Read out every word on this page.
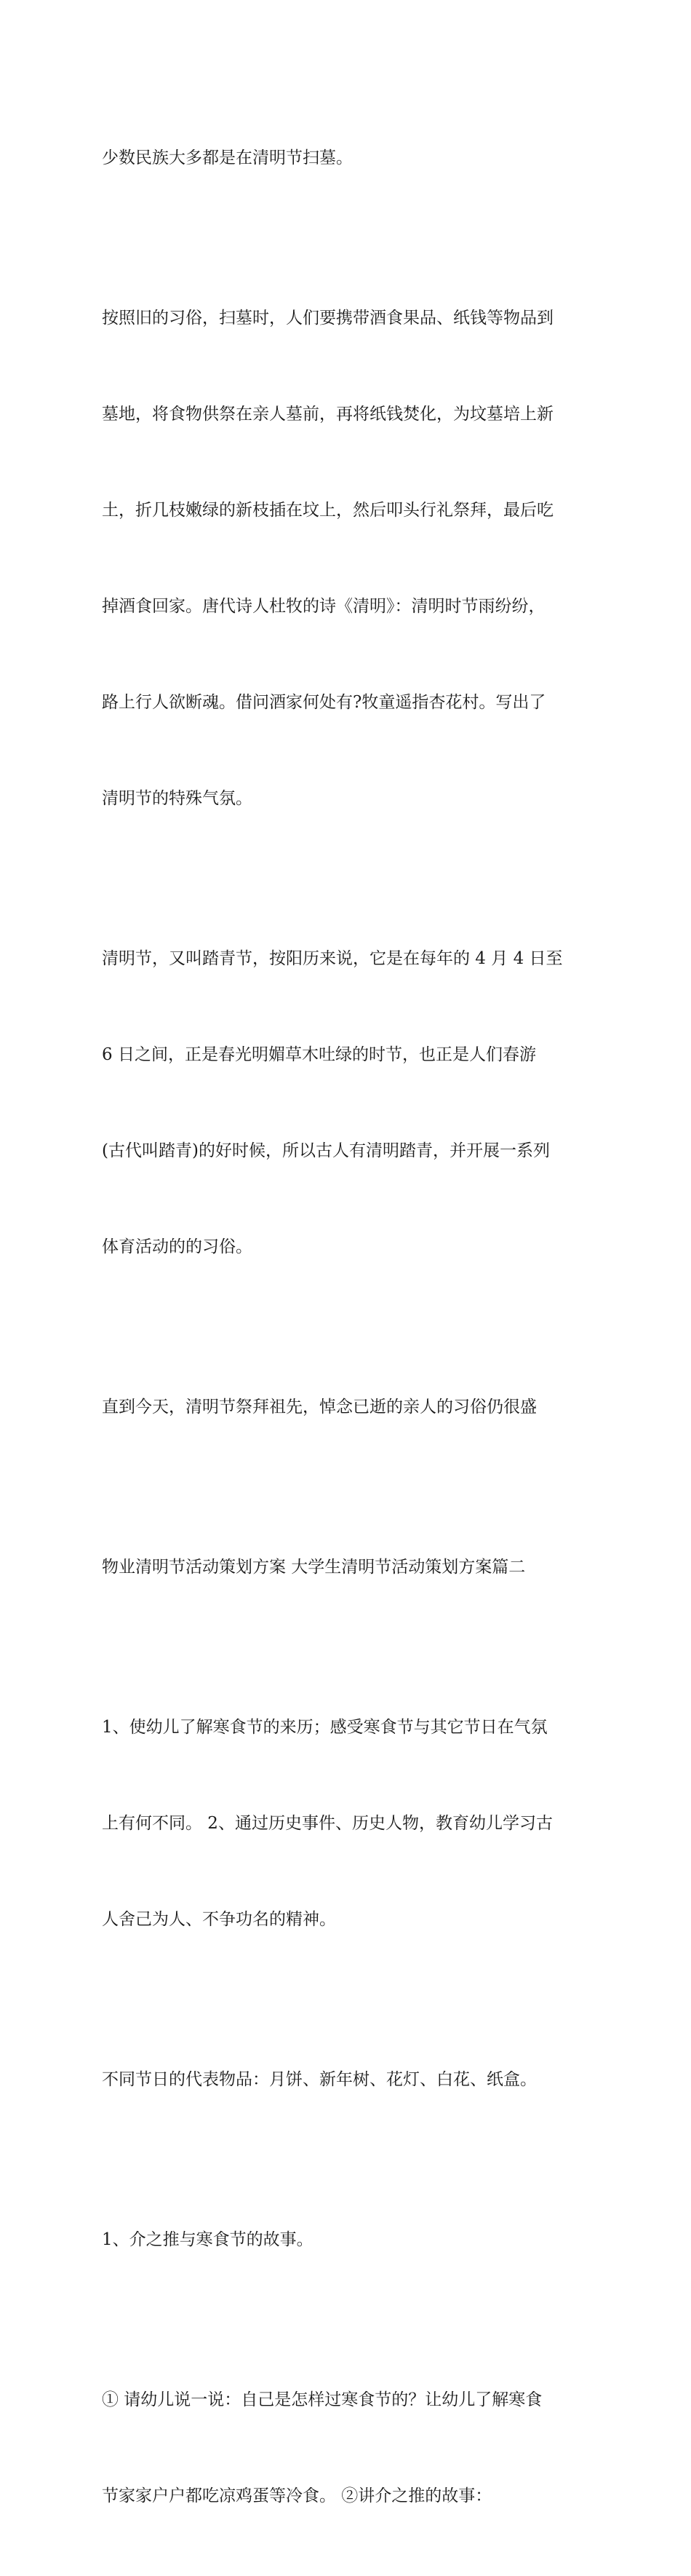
少数民族大多都是在清明节扫墓。

按照旧的习俗，扫墓时，人们要携带酒食果品、纸钱等物品到

墓地，将食物供祭在亲人墓前，再将纸钱焚化，为坟墓培上新

土，折几枝嫩绿的新枝插在坟上，然后叩头行礼祭拜，最后吃

掉酒食回家。唐代诗人杜牧的诗《清明》：清明时节雨纷纷，

路上行人欲断魂。借问酒家何处有?牧童遥指杏花村。写出了

清明节的特殊气氛。

清明节，又叫踏青节，按阳历来说，它是在每年的 4 月 4 日至

6 日之间，正是春光明媚草木吐绿的时节，也正是人们春游

(古代叫踏青)的好时候，所以古人有清明踏青，并开展一系列

体育活动的的习俗。

直到今天，清明节祭拜祖先，悼念已逝的亲人的习俗仍很盛

物业清明节活动策划方案 大学生清明节活动策划方案篇二

1、使幼儿了解寒食节的来历；感受寒食节与其它节日在气氛

上有何不同。 2、通过历史事件、历史人物，教育幼儿学习古

人舍己为人、不争功名的精神。

不同节日的代表物品：月饼、新年树、花灯、白花、纸盒。

1、介之推与寒食节的故事。

① 请幼儿说一说：自己是怎样过寒食节的？让幼儿了解寒食

节家家户户都吃凉鸡蛋等冷食。 ②讲介之推的故事：
